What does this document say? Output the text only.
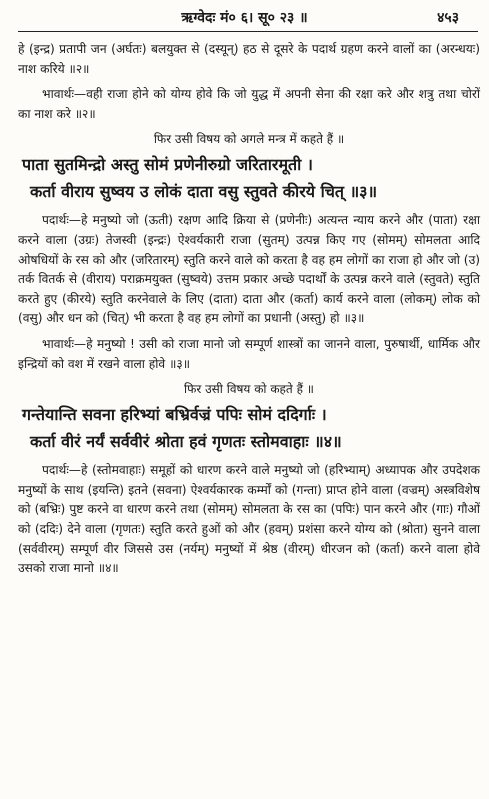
ऋग्वेदः मं० ६। सू० २३ ॥	४५३

हे (इन्द्र) प्रतापी जन (अर्घतः) बलयुक्त से (दस्यून्) हठ से दूसरे के पदार्थ ग्रहण करने वालों का (अरन्धयः) नाश करिये ॥२॥

भावार्थः—वही राजा होने को योग्य होवे कि जो युद्ध में अपनी सेना की रक्षा करे और शत्रु तथा चोरों का नाश करे ॥२॥

फिर उसी विषय को अगले मन्त्र में कहते हैं ॥
पाता सुतमिन्द्रो अस्तु सोमं प्रणेनीरुग्रो जरितारमूती ।
कर्ता वीराय सुष्वय उ लोकं दाता वसु स्तुवते कीरये चित् ॥३॥

पदार्थः—हे मनुष्यो जो (ऊती) रक्षण आदि क्रिया से (प्रणेनीः) अत्यन्त न्याय करने और (पाता) रक्षा करने वाला (उग्रः) तेजस्वी (इन्द्रः) ऐश्वर्यकारी राजा (सुतम्) उत्पन्न किए गए (सोमम्) सोमलता आदि ओषधियों के रस को और (जरितारम्) स्तुति करने वाले को करता है वह हम लोगों का राजा हो और जो (उ) तर्क वितर्क से (वीराय) पराक्रमयुक्त (सुष्वये) उत्तम प्रकार अच्छे पदार्थों के उत्पन्न करने वाले (स्तुवते) स्तुति करते हुए (कीरये) स्तुति करनेवाले के लिए (दाता) दाता और (कर्ता) कार्य करने वाला (लोकम्) लोक को (वसु) और धन को (चित्) भी करता है वह हम लोगों का प्रधानी (अस्तु) हो ॥३॥

भावार्थः—हे मनुष्यो ! उसी को राजा मानो जो सम्पूर्ण शास्त्रों का जानने वाला, पुरुषार्थी, धार्मिक और इन्द्रियों को वश में रखने वाला होवे ॥३॥

फिर उसी विषय को कहते हैं ॥
गन्तेयान्ति सवना हरिभ्यां बभ्रिर्वज्रं पपिः सोमं ददिर्गाः ।
कर्ता वीरं नर्यं सर्ववीरं श्रोता हवं गृणतः स्तोमवाहाः ॥४॥

पदार्थः—हे (स्तोमवाहाः) समूहों को धारण करने वाले मनुष्यो जो (हरिभ्याम्) अध्यापक और उपदेशक मनुष्यों के साथ (इयन्ति) इतने (सवना) ऐश्वर्यकारक कर्म्मों को (गन्ता) प्राप्त होने वाला (वज्रम्) अस्त्रविशेष को (बभ्रिः) पुष्ट करने वा धारण करने तथा (सोमम्) सोमलता के रस का (पपिः) पान करने और (गाः) गौओं को (ददिः) देने वाला (गृणतः) स्तुति करते हुओं को और (हवम्) प्रशंसा करने योग्य को (श्रोता) सुनने वाला (सर्ववीरम्) सम्पूर्ण वीर जिससे उस (नर्यम्) मनुष्यों में श्रेष्ठ (वीरम्) धीरजन को (कर्ता) करने वाला होवे उसको राजा मानो ॥४॥
